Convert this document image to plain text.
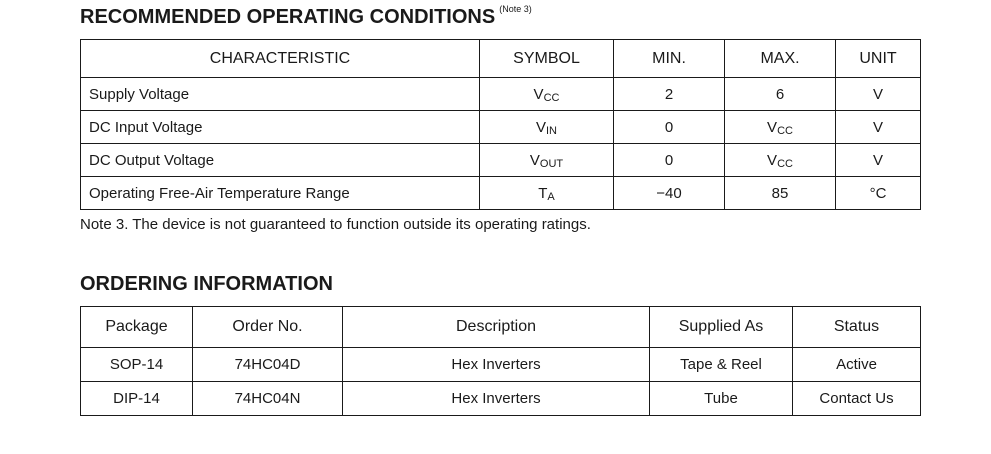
RECOMMENDED OPERATING CONDITIONS $^{(Note 3)}$
CHARACTERISTIC	SYMBOL	MIN.	MAX.	UNIT
Supply Voltage	VCC	2	6	V
DC Input Voltage	VIN	0	VCC	V
DC Output Voltage	VOUT	0	VCC	V
Operating Free-Air Temperature Range	TA	−40	85	°C

Note 3. The device is not guaranteed to function outside its operating ratings.

ORDERING INFORMATION
Package	Order No.	Description	Supplied As	Status
SOP-14	74HC04D	Hex Inverters	Tape & Reel	Active
DIP-14	74HC04N	Hex Inverters	Tube	Contact Us
